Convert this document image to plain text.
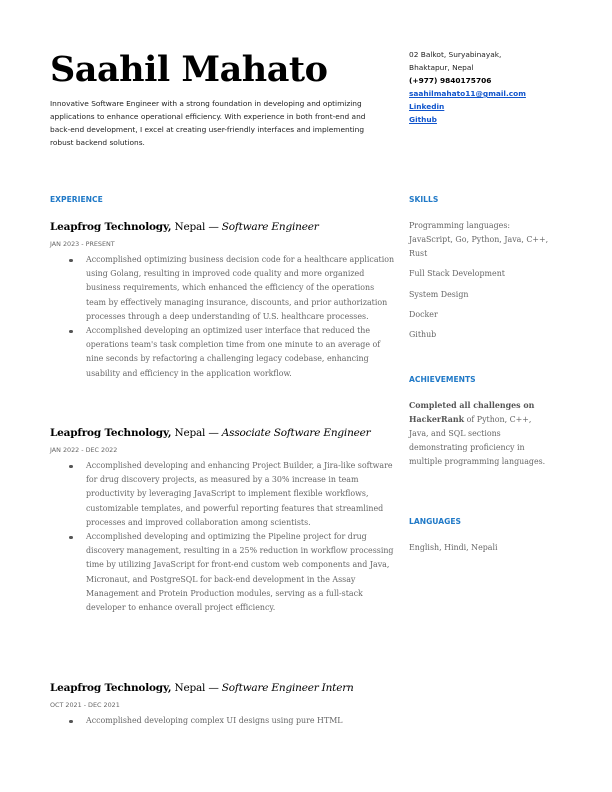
Saahil Mahato
Innovative Software Engineer with a strong foundation in developing and optimizing applications to enhance operational efficiency. With experience in both front-end and back-end development, I excel at creating user-friendly interfaces and implementing robust backend solutions.
02 Balkot, Suryabinayak,
Bhaktapur, Nepal
(+977) 9840175706
saahilmahato11@gmail.com
Linkedin
Github
EXPERIENCE
Leapfrog Technology, Nepal — Software Engineer
JAN 2023 - PRESENT
Accomplished optimizing business decision code for a healthcare application using Golang, resulting in improved code quality and more organized business requirements, which enhanced the efficiency of the operations team by effectively managing insurance, discounts, and prior authorization processes through a deep understanding of U.S. healthcare processes.
Accomplished developing an optimized user interface that reduced the operations team's task completion time from one minute to an average of nine seconds by refactoring a challenging legacy codebase, enhancing usability and efficiency in the application workflow.
Leapfrog Technology, Nepal — Associate Software Engineer
JAN 2022 - DEC 2022
Accomplished developing and enhancing Project Builder, a Jira-like software for drug discovery projects, as measured by a 30% increase in team productivity by leveraging JavaScript to implement flexible workflows, customizable templates, and powerful reporting features that streamlined processes and improved collaboration among scientists.
Accomplished developing and optimizing the Pipeline project for drug discovery management, resulting in a 25% reduction in workflow processing time by utilizing JavaScript for front-end custom web components and Java, Micronaut, and PostgreSQL for back-end development in the Assay Management and Protein Production modules, serving as a full-stack developer to enhance overall project efficiency.
Leapfrog Technology, Nepal — Software Engineer Intern
OCT 2021 - DEC 2021
Accomplished developing complex UI designs using pure HTML
SKILLS

Programming languages: JavaScript, Go, Python, Java, C++, Rust

Full Stack Development

System Design

Docker

Github

ACHIEVEMENTS
Completed all challenges on HackerRank of Python, C++, Java, and SQL sections demonstrating proficiency in multiple programming languages.
LANGUAGES
English, Hindi, Nepali
